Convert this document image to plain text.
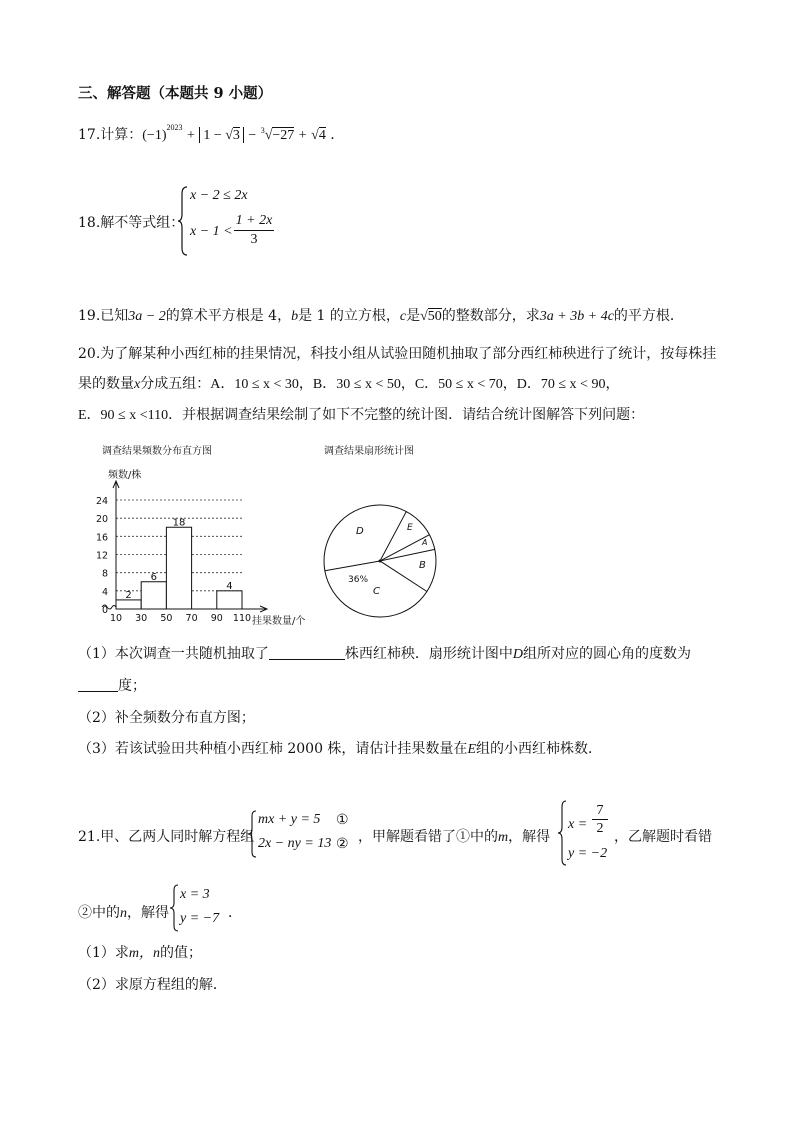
三、解答题（本题共 9 小题）
17.计算：$(-1)^{2023} + 1 - √3 - ^3√-27 + √4$ .
18.解不等式组：
x − 2 ≤ 2x
x − 1 <
1 + 2x
3
19.已知3a − 2的算术平方根是 4，b是 1 的立方根，c是√50的整数部分，求3a + 3b + 4c的平方根．
20.为了解某种小西红柿的挂果情况，科技小组从试验田随机抽取了部分西红柿秧进行了统计，按每株挂
果的数量x分成五组：A．10 ≤ x < 30，B．30 ≤ x < 50，C．50 ≤ x < 70，D．70 ≤ x < 90，
E．90 ≤ x <110．并根据调查结果绘制了如下不完整的统计图．请结合统计图解答下列问题：
调查结果频数分布直方图
频数/株
0
4
8
12
16
20
24
10 30 50 70 90 110
2
6
18
4
挂果数量/个
调查结果扇形统计图
D	E
A
B
36%
C
（1）本次调查一共随机抽取了	株西红柿秧．扇形统计图中D组所对应的圆心角的度数为
度；
（2）补全频数分布直方图；
（3）若该试验田共种植小西红柿 2000 株，请估计挂果数量在E组的小西红柿株数．
21.甲、乙两人同时解方程组
mx + y = 5 ①
2x − ny = 13 ② ，甲解题看错了①中的m，解得
x =
7
2
y = −2
，乙解题时看错
②中的n，解得
x = 3
y = −7 ．
（1）求m，n的值；
（2）求原方程组的解．
